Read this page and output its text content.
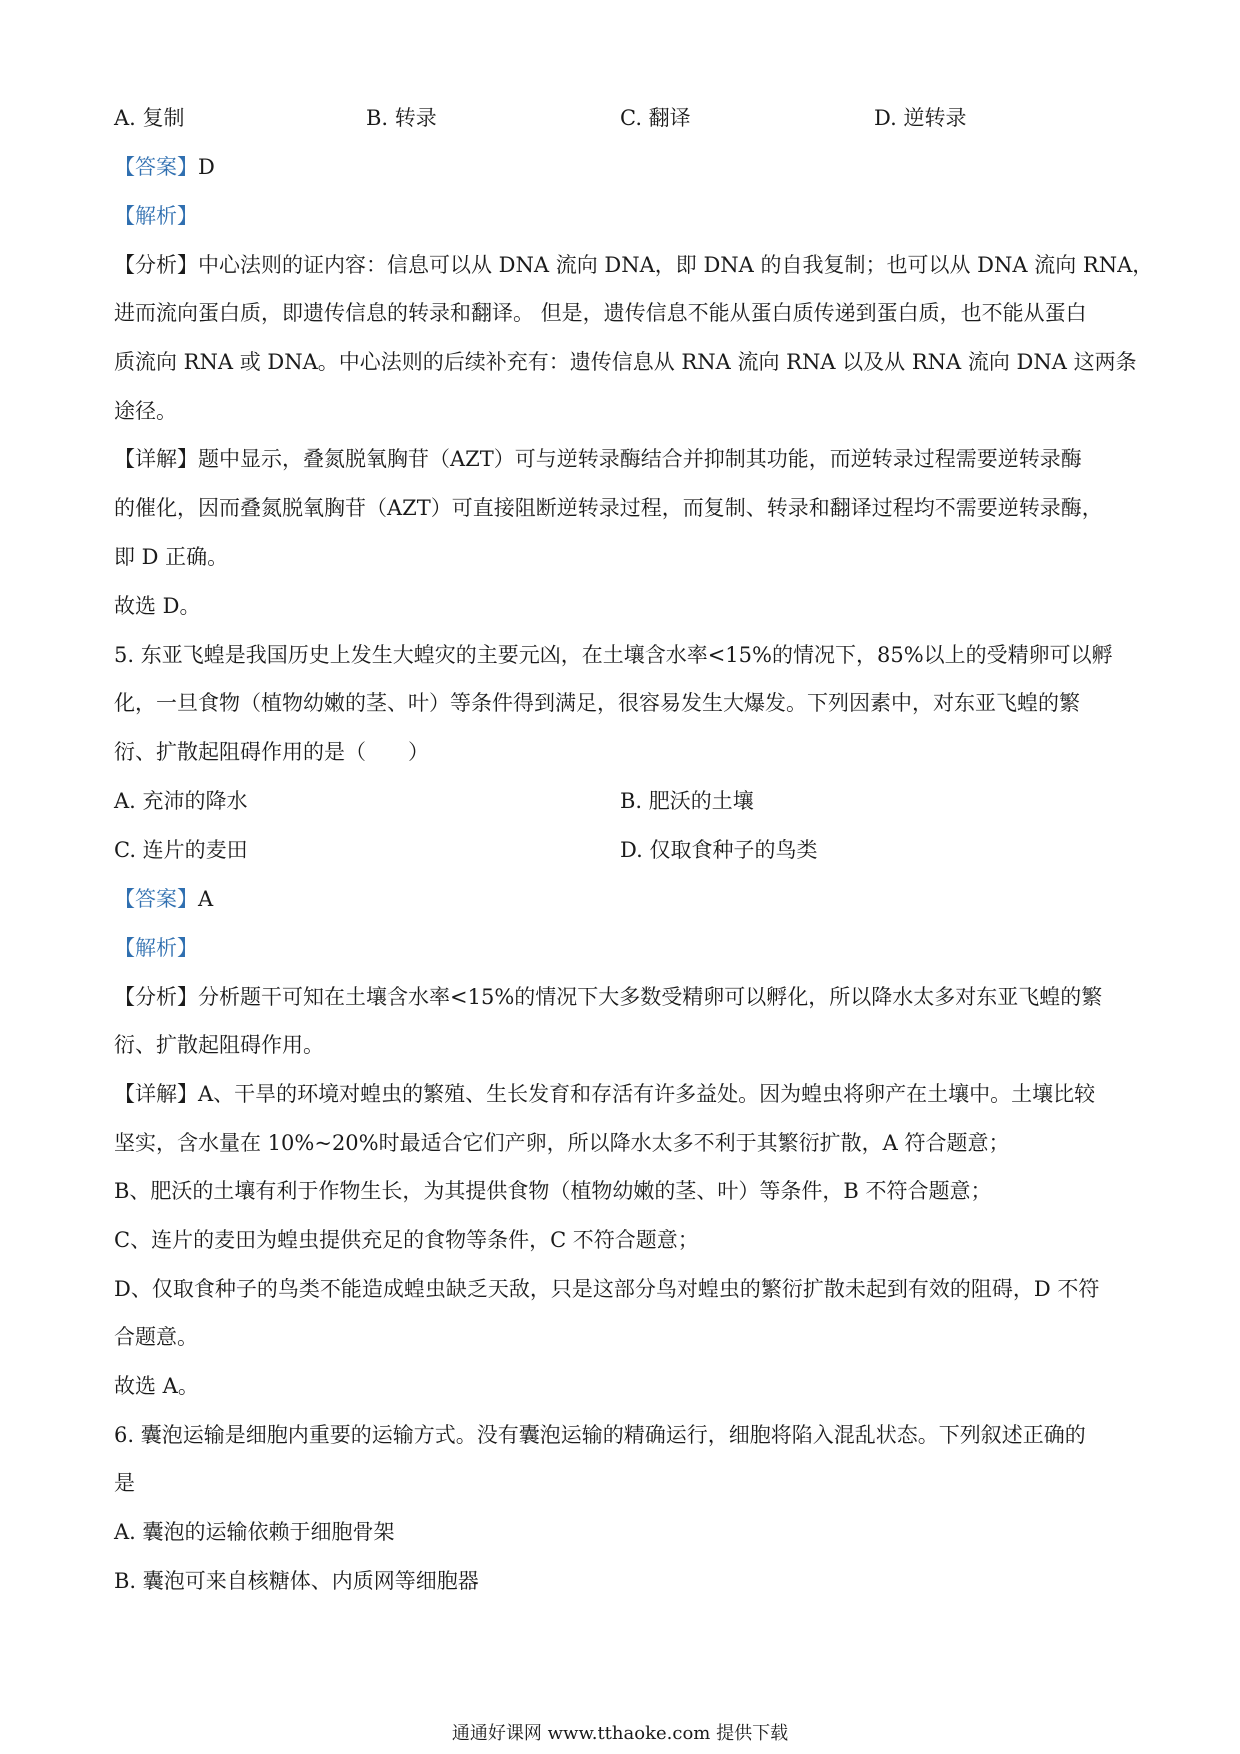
A. 复制	B. 转录	C. 翻译	D. 逆转录
【答案】D
【解析】
【分析】中心法则的证内容：信息可以从 DNA 流向 DNA，即 DNA 的自我复制；也可以从 DNA 流向 RNA，
进而流向蛋白质，即遗传信息的转录和翻译。 但是，遗传信息不能从蛋白质传递到蛋白质，也不能从蛋白
质流向 RNA 或 DNA。中心法则的后续补充有：遗传信息从 RNA 流向 RNA 以及从 RNA 流向 DNA 这两条
途径。
【详解】题中显示，叠氮脱氧胸苷（AZT）可与逆转录酶结合并抑制其功能，而逆转录过程需要逆转录酶
的催化，因而叠氮脱氧胸苷（AZT）可直接阻断逆转录过程，而复制、转录和翻译过程均不需要逆转录酶，
即 D 正确。
故选 D。
5. 东亚飞蝗是我国历史上发生大蝗灾的主要元凶，在土壤含水率<15%的情况下，85%以上的受精卵可以孵
化，一旦食物（植物幼嫩的茎、叶）等条件得到满足，很容易发生大爆发。下列因素中，对东亚飞蝗的繁
衍、扩散起阻碍作用的是（　　）
A. 充沛的降水	B. 肥沃的土壤
C. 连片的麦田	D. 仅取食种子的鸟类
【答案】A
【解析】
【分析】分析题干可知在土壤含水率<15%的情况下大多数受精卵可以孵化，所以降水太多对东亚飞蝗的繁
衍、扩散起阻碍作用。
【详解】A、干旱的环境对蝗虫的繁殖、生长发育和存活有许多益处。因为蝗虫将卵产在土壤中。土壤比较
坚实，含水量在 10%~20%时最适合它们产卵，所以降水太多不利于其繁衍扩散，A 符合题意；
B、肥沃的土壤有利于作物生长，为其提供食物（植物幼嫩的茎、叶）等条件，B 不符合题意；
C、连片的麦田为蝗虫提供充足的食物等条件，C 不符合题意；
D、仅取食种子的鸟类不能造成蝗虫缺乏天敌，只是这部分鸟对蝗虫的繁衍扩散未起到有效的阻碍，D 不符
合题意。
故选 A。
6. 囊泡运输是细胞内重要的运输方式。没有囊泡运输的精确运行，细胞将陷入混乱状态。下列叙述正确的
是
A. 囊泡的运输依赖于细胞骨架
B. 囊泡可来自核糖体、内质网等细胞器
通通好课网 www.tthaoke.com 提供下载
